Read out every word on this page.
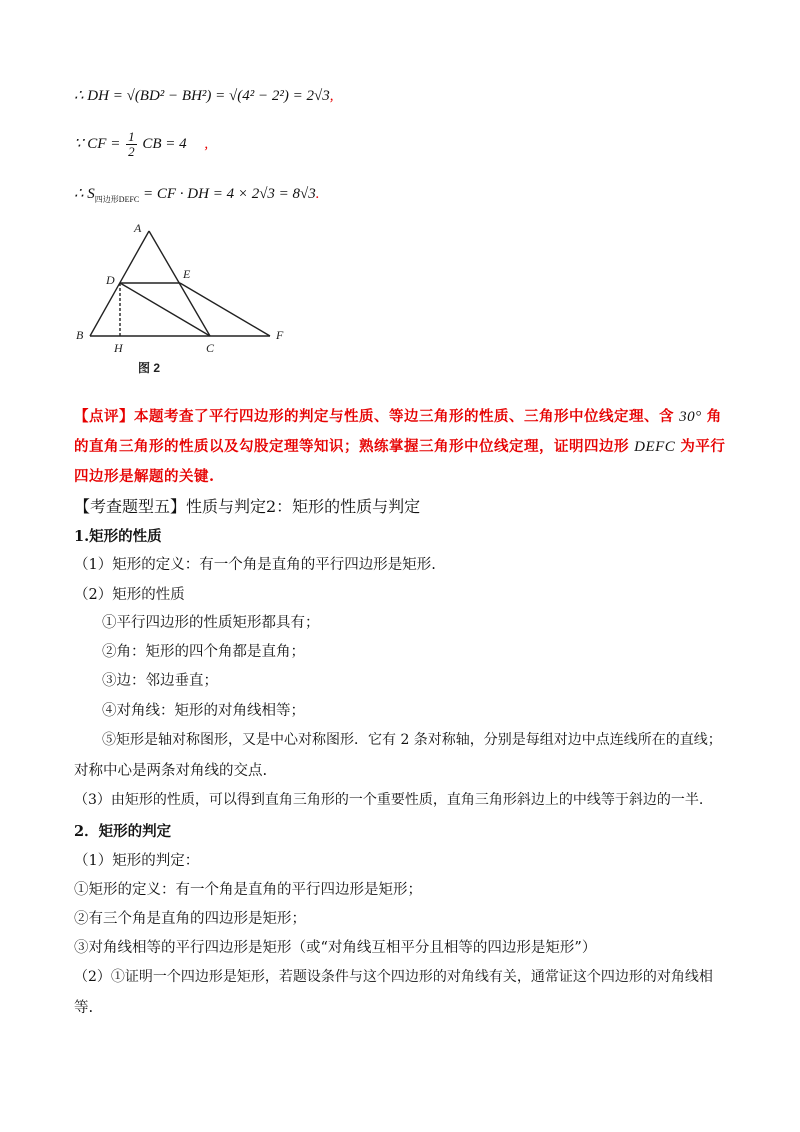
∴ DH = √(BD² − BH²) = √(4² − 2²) = 2√3,
∵ CF = $\frac{1}{2}$ CB = 4 ,
∴ $S_{四边形DEFC}$ = CF · DH = 4 × 2√3 = 8√3.
A
D	E
B
H	C
F
图 2
【点评】本题考查了平行四边形的判定与性质、等边三角形的性质、三角形中位线定理、含 30° 角的直角三角形的性质以及勾股定理等知识；熟练掌握三角形中位线定理，证明四边形 DEFC 为平行四边形是解题的关键.
【考查题型五】性质与判定2：矩形的性质与判定
1.矩形的性质
（1）矩形的定义：有一个角是直角的平行四边形是矩形.
（2）矩形的性质
①平行四边形的性质矩形都具有；
②角：矩形的四个角都是直角；
③边：邻边垂直；
④对角线：矩形的对角线相等；
⑤矩形是轴对称图形，又是中心对称图形．它有 2 条对称轴，分别是每组对边中点连线所在的直线；
对称中心是两条对角线的交点.
（3）由矩形的性质，可以得到直角三角形的一个重要性质，直角三角形斜边上的中线等于斜边的一半.
2．矩形的判定
（1）矩形的判定：
①矩形的定义：有一个角是直角的平行四边形是矩形；
②有三个角是直角的四边形是矩形；
③对角线相等的平行四边形是矩形（或“对角线互相平分且相等的四边形是矩形”）
（2）①证明一个四边形是矩形，若题设条件与这个四边形的对角线有关，通常证这个四边形的对角线相
等.
